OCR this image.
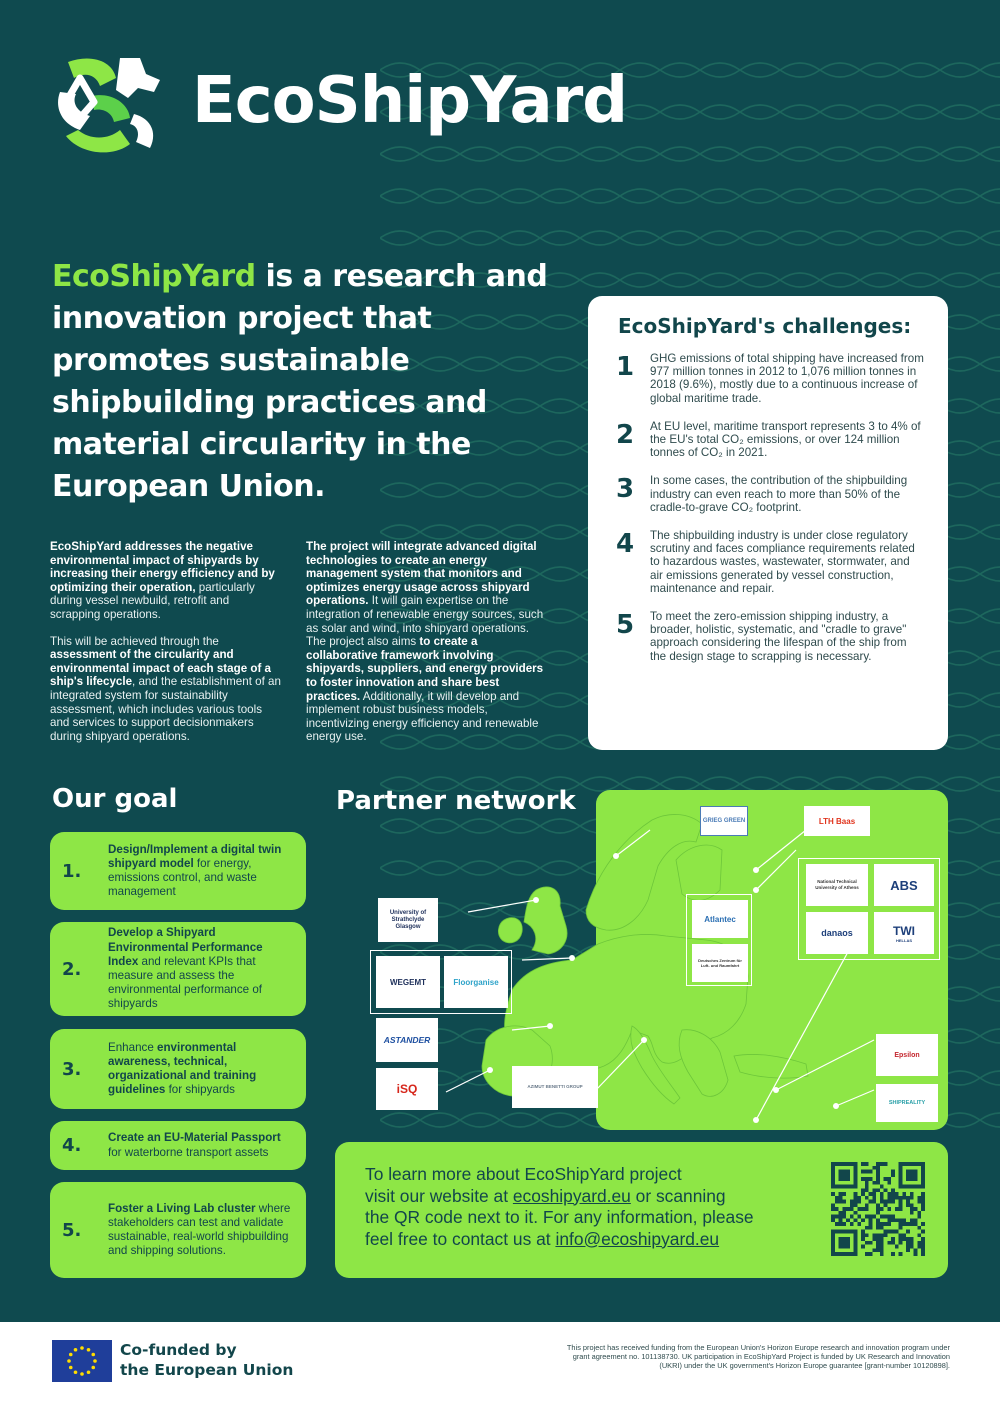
EcoShipYard
EcoShipYard is a research and innovation project that promotes sustainable shipbuilding practices and material circularity in the European Union.

EcoShipYard addresses the negative environmental impact of shipyards by increasing their energy efficiency and by optimizing their operation, particularly during vessel newbuild, retrofit and scrapping operations.

This will be achieved through the assessment of the circularity and environmental impact of each stage of a ship's lifecycle, and the establishment of an integrated system for sustainability assessment, which includes various tools and services to support decisionmakers during shipyard operations.

The project will integrate advanced digital technologies to create an energy management system that monitors and optimizes energy usage across shipyard operations. It will gain expertise on the integration of renewable energy sources, such as solar and wind, into shipyard operations. The project also aims to create a collaborative framework involving shipyards, suppliers, and energy providers to foster innovation and share best practices. Additionally, it will develop and implement robust business models, incentivizing energy efficiency and renewable energy use.

EcoShipYard's challenges:
1	GHG emissions of total shipping have increased from 977 million tonnes in 2012 to 1,076 million tonnes in 2018 (9.6%), mostly due to a continuous increase of global maritime trade.
2	At EU level, maritime transport represents 3 to 4% of the EU's total CO₂ emissions, or over 124 million tonnes of CO₂ in 2021.
3	In some cases, the contribution of the shipbuilding industry can even reach to more than 50% of the cradle-to-grave CO₂ footprint.
4	The shipbuilding industry is under close regulatory scrutiny and faces compliance requirements related to hazardous wastes, wastewater, stormwater, and air emissions generated by vessel construction, maintenance and repair.
5	To meet the zero-emission shipping industry, a broader, holistic, systematic, and "cradle to grave" approach considering the lifespan of the ship from the design stage to scrapping is necessary.
Our goal
1.
Design/Implement a digital twin shipyard model for energy, emissions control, and waste management
2.
Develop a Shipyard Environmental Performance Index and relevant KPIs that measure and assess the environmental performance of shipyards
3.
Enhance environmental awareness, technical, organizational and training guidelines for shipyards
4.	Create an EU-Material Passport for waterborne transport assets
5.
Foster a Living Lab cluster where stakeholders can test and validate sustainable, real-world shipbuilding and shipping solutions.
Partner network
GRIEG GREEN	LTH Baas
National Technical University of Athens	ABS
danaos	TWI
HELLAS
Atlantec
Deutsches Zentrum für Luft- und Raumfahrt
University of Strathclyde Glasgow
WEGEMT	Floorganise
ASTANDER
iSQ	AZIMUT BENETTI GROUP
Epsilon
SHIPREALITY
To learn more about EcoShipYard project
visit our website at ecoshipyard.eu or scanning
the QR code next to it. For any information, please
feel free to contact us at info@ecoshipyard.eu
Co-funded by
the European Union
This project has received funding from the European Union's Horizon Europe research and innovation program under grant agreement no. 101138730. UK participation in EcoShipYard Project is funded by UK Research and Innovation (UKRI) under the UK government's Horizon Europe guarantee [grant-number 10120898].
